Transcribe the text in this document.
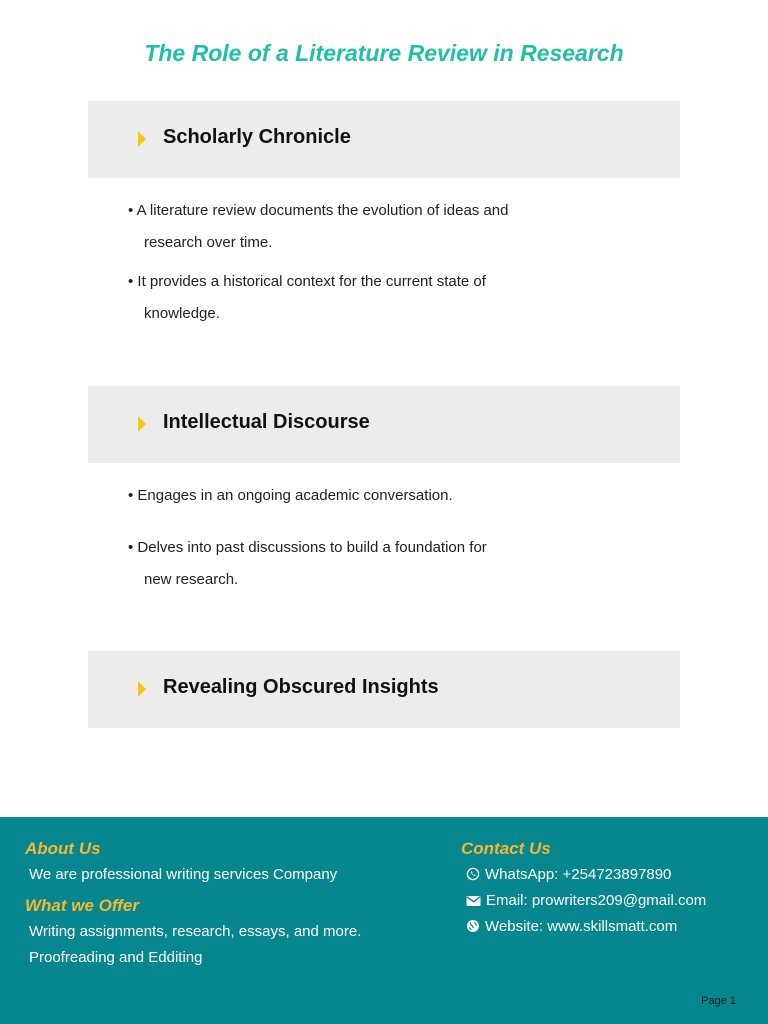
The Role of a Literature Review in Research
Scholarly Chronicle
• A literature review documents the evolution of ideas and
research over time.
• It provides a historical context for the current state of
knowledge.
Intellectual Discourse
• Engages in an ongoing academic conversation.
• Delves into past discussions to build a foundation for
new research.
Revealing Obscured Insights
About Us
We are professional writing services Company
What we Offer
Writing assignments, research, essays, and more.
Proofreading and Edditing
Contact Us
WhatsApp: +254723897890
Email: prowriters209@gmail.com
Website: www.skillsmatt.com
Page 1
